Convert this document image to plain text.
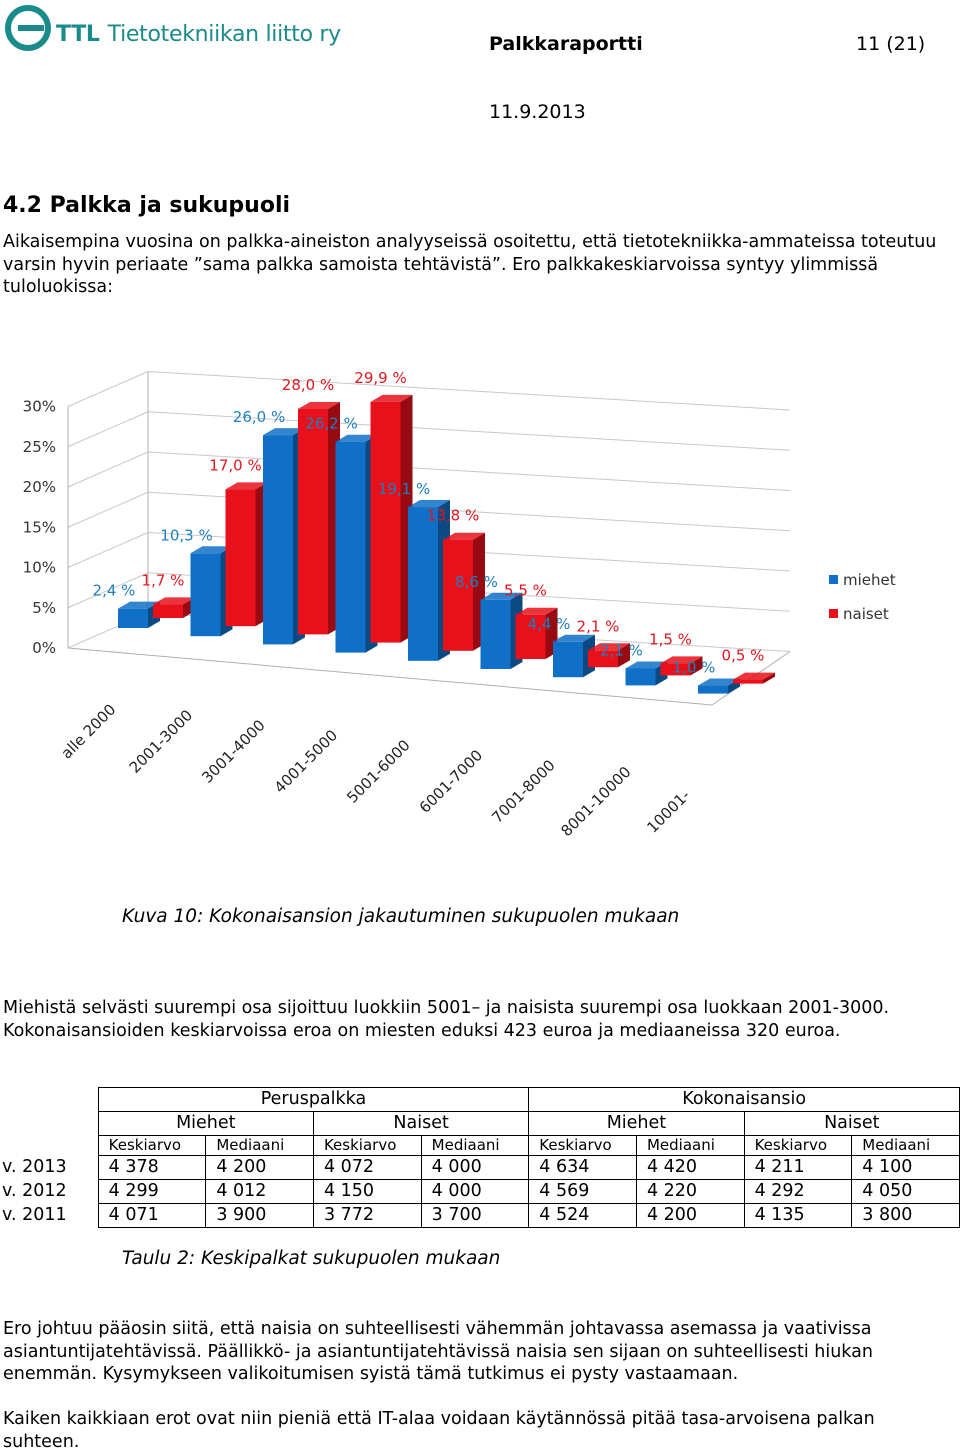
TTL Tietotekniikan liitto ry	Palkkaraportti	11 (21)
11.9.2013
4.2 Palkka ja sukupuoli
Aikaisempina vuosina on palkka-aineiston analyyseissä osoitettu, että tietotekniikka-ammateissa toteutuu varsin hyvin periaate ”sama palkka samoista tehtävistä”. Ero palkkakeskiarvoissa syntyy ylimmissä tuloluokissa:
0%
5%
10%
15%
20%
25%
30%
2,4 %
1,7 %
10,3 %
17,0 %
26,0 %
28,0 %
26,2 %
29,9 %
19,1 %
13,8 %
8,6 % 5,5 %
4,4 % 2,1 %
2,1 %
1,5 %
1,0 %
0,5 %
alle 2000 2001-3000 3001-4000 4001-5000 5001-6000 6001-7000 7001-8000
8001-10000 10001-
miehet
naiset
Kuva 10: Kokonaisansion jakautuminen sukupuolen mukaan
Miehistä selvästi suurempi osa sijoittuu luokkiin 5001– ja naisista suurempi osa luokkaan 2001-3000. Kokonaisansioiden keskiarvoissa eroa on miesten eduksi 423 euroa ja mediaaneissa 320 euroa.
	Peruspalkka				Kokonaisansio			
	Miehet		Naiset		Miehet		Naiset	
	Keskiarvo	Mediaani	Keskiarvo	Mediaani	Keskiarvo	Mediaani	Keskiarvo	Mediaani
v. 2013	4 378	4 200	4 072	4 000	4 634	4 420	4 211	4 100
v. 2012	4 299	4 012	4 150	4 000	4 569	4 220	4 292	4 050
v. 2011	4 071	3 900	3 772	3 700	4 524	4 200	4 135	3 800
Taulu 2: Keskipalkat sukupuolen mukaan
Ero johtuu pääosin siitä, että naisia on suhteellisesti vähemmän johtavassa asemassa ja vaativissa asiantuntijatehtävissä. Päällikkö- ja asiantuntijatehtävissä naisia sen sijaan on suhteellisesti hiukan enemmän. Kysymykseen valikoitumisen syistä tämä tutkimus ei pysty vastaamaan.
Kaiken kaikkiaan erot ovat niin pieniä että IT-alaa voidaan käytännössä pitää tasa-arvoisena palkan suhteen.
